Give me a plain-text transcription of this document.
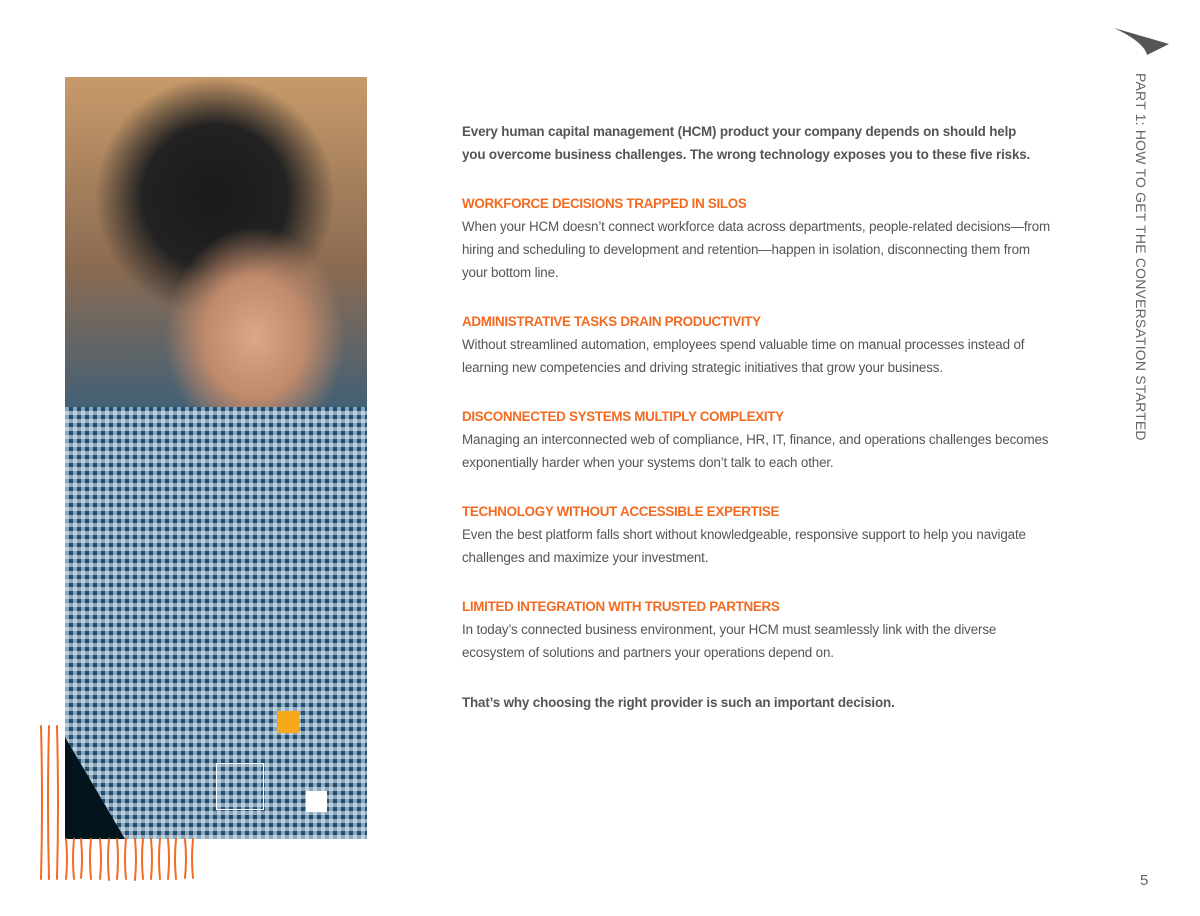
PART 1: HOW TO GET THE CONVERSATION STARTED

Every human capital management (HCM) product your company depends on should help you overcome business challenges. The wrong technology exposes you to these five risks.

WORKFORCE DECISIONS TRAPPED IN SILOS

When your HCM doesn’t connect workforce data across departments, people-related decisions—from hiring and scheduling to development and retention—happen in isolation, disconnecting them from your bottom line.

ADMINISTRATIVE TASKS DRAIN PRODUCTIVITY

Without streamlined automation, employees spend valuable time on manual processes instead of learning new competencies and driving strategic initiatives that grow your business.

DISCONNECTED SYSTEMS MULTIPLY COMPLEXITY

Managing an interconnected web of compliance, HR, IT, finance, and operations challenges becomes exponentially harder when your systems don’t talk to each other.

TECHNOLOGY WITHOUT ACCESSIBLE EXPERTISE

Even the best platform falls short without knowledgeable, responsive support to help you navigate challenges and maximize your investment.

LIMITED INTEGRATION WITH TRUSTED PARTNERS

In today’s connected business environment, your HCM must seamlessly link with the diverse ecosystem of solutions and partners your operations depend on.

That’s why choosing the right provider is such an important decision.

5
